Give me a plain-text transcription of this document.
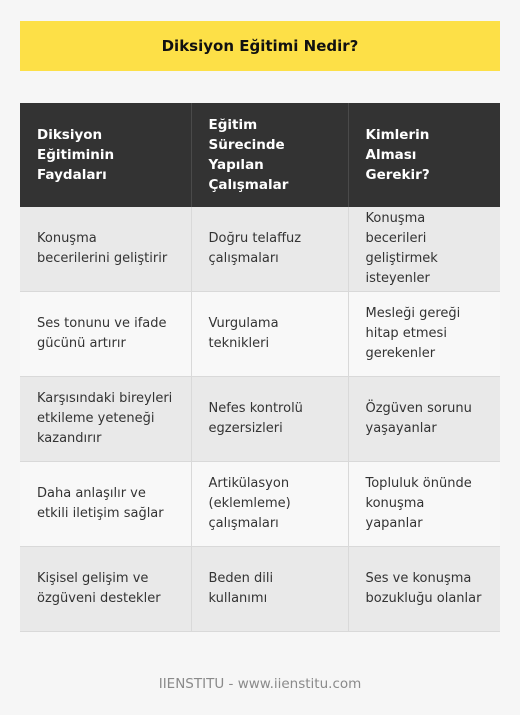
Diksiyon Eğitimi Nedir?
Diksiyon Eğitiminin Faydaları	Eğitim Sürecinde Yapılan Çalışmalar	Kimlerin Alması Gerekir?
Konuşma becerilerini geliştirir	Doğru telaffuz çalışmaları	Konuşma becerileri geliştirmek isteyenler
Ses tonunu ve ifade gücünü artırır	Vurgulama teknikleri	Mesleği gereği hitap etmesi gerekenler
Karşısındaki bireyleri etkileme yeteneği kazandırır	Nefes kontrolü egzersizleri	Özgüven sorunu yaşayanlar
Daha anlaşılır ve etkili iletişim sağlar	Artikülasyon (eklemleme) çalışmaları	Topluluk önünde konuşma yapanlar
Kişisel gelişim ve özgüveni destekler	Beden dili kullanımı	Ses ve konuşma bozukluğu olanlar
IIENSTITU - www.iienstitu.com
